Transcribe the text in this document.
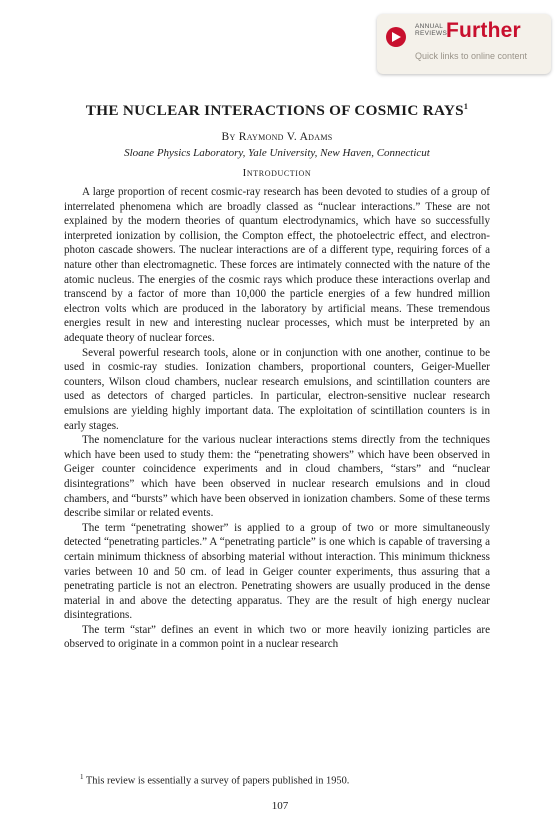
ANNUAL
REVIEWS
Further
Quick links to online content
THE NUCLEAR INTERACTIONS OF COSMIC RAYS$^1$
By Raymond V. Adams
Sloane Physics Laboratory, Yale University, New Haven, Connecticut
Introduction

A large proportion of recent cosmic-ray research has been devoted to studies of a group of interrelated phenomena which are broadly classed as “nuclear interactions.” These are not explained by the modern theories of quantum electrodynamics, which have so successfully interpreted ionization by collision, the Compton effect, the photoelectric effect, and electron-photon cascade showers. The nuclear interactions are of a different type, requiring forces of a nature other than electromagnetic. These forces are intimately connected with the nature of the atomic nucleus. The energies of the cosmic rays which produce these interactions overlap and transcend by a factor of more than 10,000 the particle energies of a few hundred million electron volts which are produced in the laboratory by artificial means. These tremendous energies result in new and interesting nuclear processes, which must be interpreted by an adequate theory of nuclear forces.

Several powerful research tools, alone or in conjunction with one another, continue to be used in cosmic-ray studies. Ionization chambers, proportional counters, Geiger-Mueller counters, Wilson cloud chambers, nuclear research emulsions, and scintillation counters are used as detectors of charged particles. In particular, electron-sensitive nuclear research emulsions are yielding highly important data. The exploitation of scintillation counters is in early stages.

The nomenclature for the various nuclear interactions stems directly from the techniques which have been used to study them: the “penetrating showers” which have been observed in Geiger counter coincidence experiments and in cloud chambers, “stars” and “nuclear disintegrations” which have been observed in nuclear research emulsions and in cloud chambers, and “bursts” which have been observed in ionization chambers. Some of these terms describe similar or related events.

The term “penetrating shower” is applied to a group of two or more simultaneously detected “penetrating particles.” A “penetrating particle” is one which is capable of traversing a certain minimum thickness of absorbing material without interaction. This minimum thickness varies between 10 and 50 cm. of lead in Geiger counter experiments, thus assuring that a penetrating particle is not an electron. Penetrating showers are usually produced in the dense material in and above the detecting apparatus. They are the result of high energy nuclear disintegrations.

The term “star” defines an event in which two or more heavily ionizing particles are observed to originate in a common point in a nuclear research

$^1$ This review is essentially a survey of papers published in 1950.
107
